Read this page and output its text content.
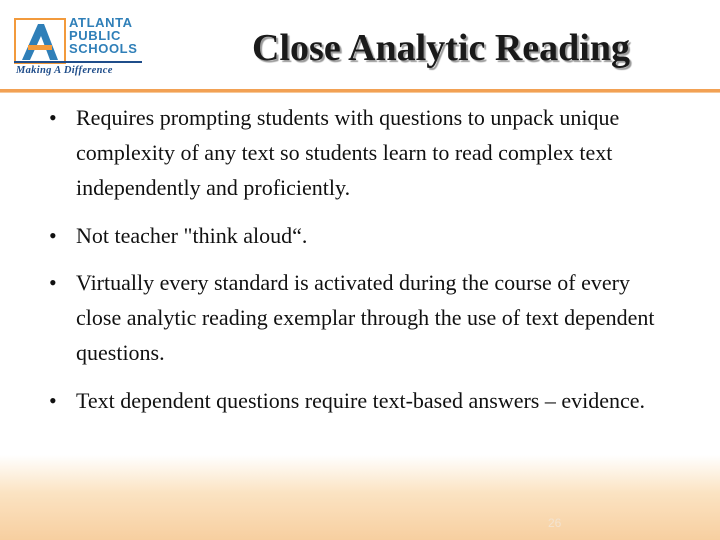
ATLANTA
PUBLIC
SCHOOLS
Making A Difference
Close Analytic Reading
• Requires prompting students with questions to unpack unique complexity of any text so students learn to read complex text independently and proficiently.
• Not teacher "think aloud“.
• Virtually every standard is activated during the course of every close analytic reading exemplar through the use of text dependent questions.
• Text dependent questions require text-based answers – evidence.
26
